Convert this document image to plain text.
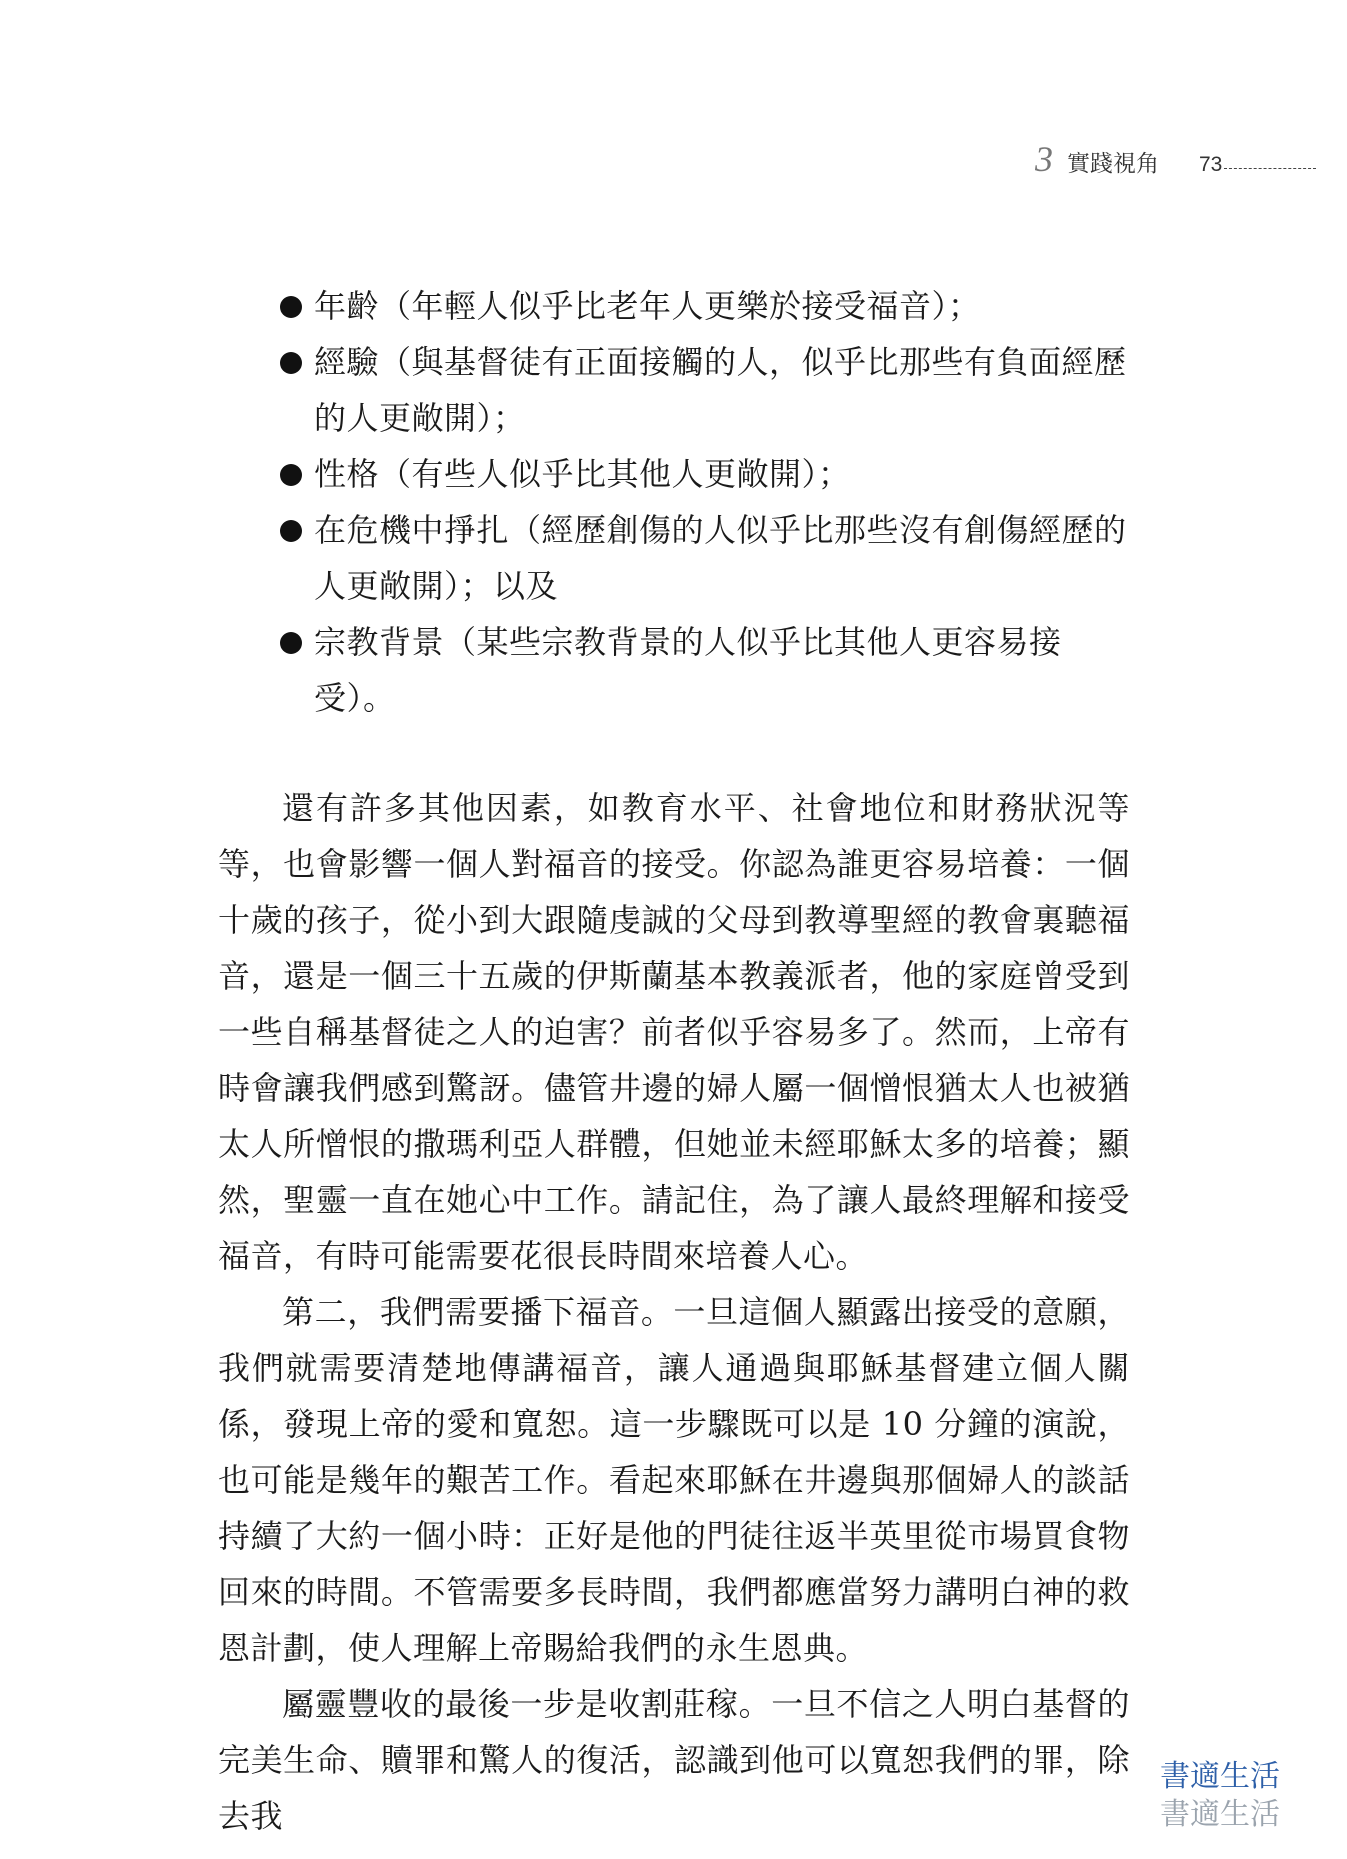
3 實踐視角 73
年齡（年輕人似乎比老年人更樂於接受福音）；
經驗（與基督徒有正面接觸的人，似乎比那些有負面經歷的人更敞開）；
性格（有些人似乎比其他人更敞開）；
在危機中掙扎（經歷創傷的人似乎比那些沒有創傷經歷的人更敞開）；以及
宗教背景（某些宗教背景的人似乎比其他人更容易接受）。

還有許多其他因素，如教育水平、社會地位和財務狀況等等，也會影響一個人對福音的接受。你認為誰更容易培養：一個十歲的孩子，從小到大跟隨虔誠的父母到教導聖經的教會裏聽福音，還是一個三十五歲的伊斯蘭基本教義派者，他的家庭曾受到一些自稱基督徒之人的迫害？前者似乎容易多了。然而，上帝有時會讓我們感到驚訝。儘管井邊的婦人屬一個憎恨猶太人也被猶太人所憎恨的撒瑪利亞人群體，但她並未經耶穌太多的培養；顯然，聖靈一直在她心中工作。請記住，為了讓人最終理解和接受福音，有時可能需要花很長時間來培養人心。

第二，我們需要播下福音。一旦這個人顯露出接受的意願，我們就需要清楚地傳講福音，讓人通過與耶穌基督建立個人關係，發現上帝的愛和寬恕。這一步驟既可以是 10 分鐘的演說，也可能是幾年的艱苦工作。看起來耶穌在井邊與那個婦人的談話持續了大約一個小時：正好是他的門徒往返半英里從市場買食物回來的時間。不管需要多長時間，我們都應當努力講明白神的救恩計劃，使人理解上帝賜給我們的永生恩典。

屬靈豐收的最後一步是收割莊稼。一旦不信之人明白基督的完美生命、贖罪和驚人的復活，認識到他可以寬恕我們的罪，除去我

書適生活
書適生活
